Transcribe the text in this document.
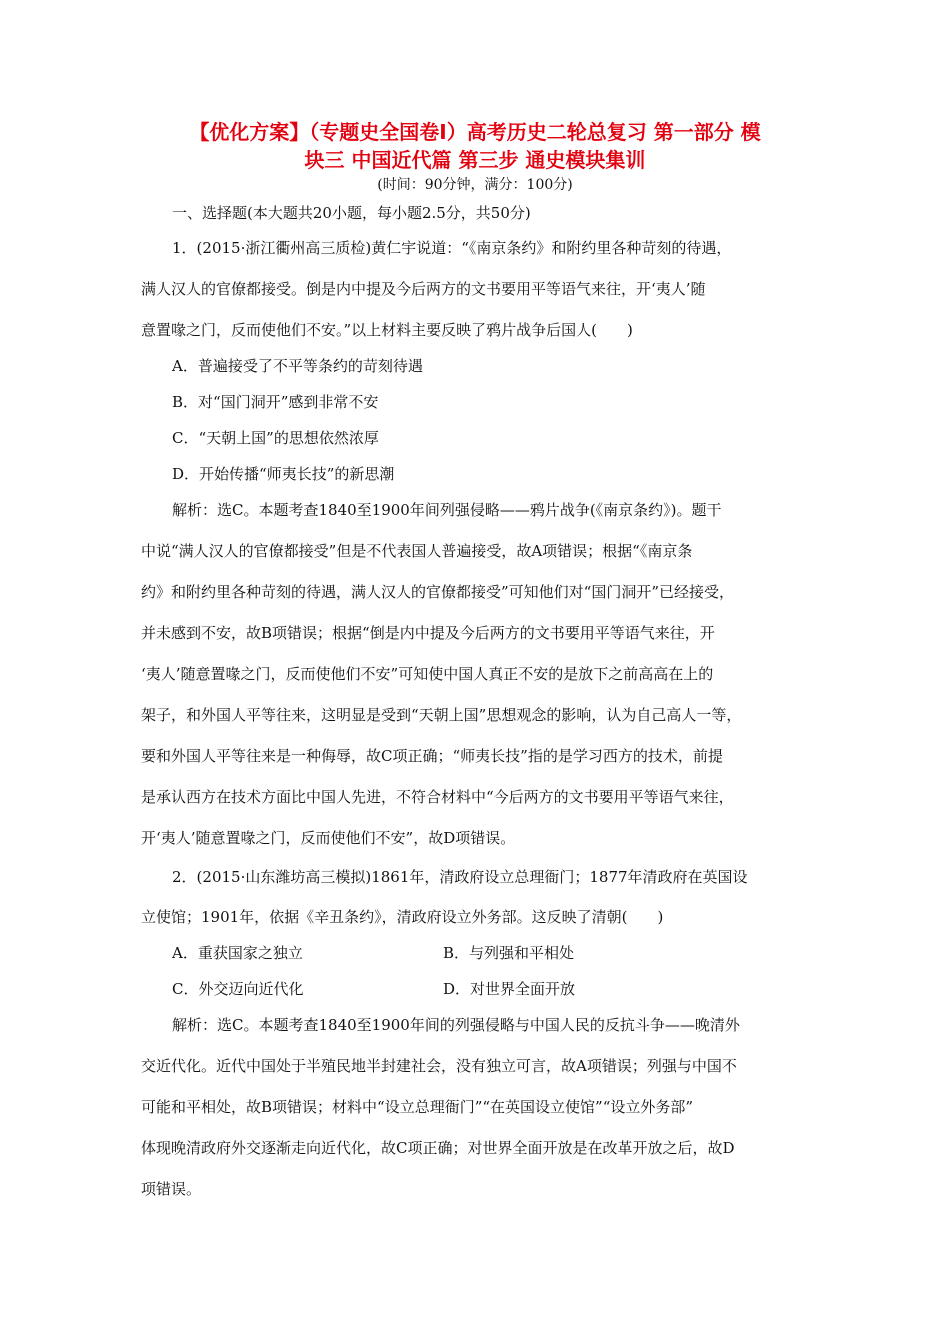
【优化方案】（专题史全国卷Ⅰ）高考历史二轮总复习 第一部分 模
块三 中国近代篇 第三步 通史模块集训
(时间：90分钟，满分：100分)
一、选择题(本大题共20小题，每小题2.5分，共50分)
1．(2015·浙江衢州高三质检)黄仁宇说道：“《南京条约》和附约里各种苛刻的待遇，
满人汉人的官僚都接受。倒是内中提及今后两方的文书要用平等语气来往，开‘夷人’随
意置喙之门，反而使他们不安。”以上材料主要反映了鸦片战争后国人(　　)
A．普遍接受了不平等条约的苛刻待遇
B．对“国门洞开”感到非常不安
C．“天朝上国”的思想依然浓厚
D．开始传播“师夷长技”的新思潮
解析：选C。本题考查1840至1900年间列强侵略——鸦片战争(《南京条约》)。题干
中说“满人汉人的官僚都接受”但是不代表国人普遍接受，故A项错误；根据“《南京条
约》和附约里各种苛刻的待遇，满人汉人的官僚都接受”可知他们对“国门洞开”已经接受，
并未感到不安，故B项错误；根据“倒是内中提及今后两方的文书要用平等语气来往，开
‘夷人’随意置喙之门，反而使他们不安”可知使中国人真正不安的是放下之前高高在上的
架子，和外国人平等往来，这明显是受到“天朝上国”思想观念的影响，认为自己高人一等，
要和外国人平等往来是一种侮辱，故C项正确；“师夷长技”指的是学习西方的技术，前提
是承认西方在技术方面比中国人先进，不符合材料中“今后两方的文书要用平等语气来往，
开‘夷人’随意置喙之门，反而使他们不安”，故D项错误。
2．(2015·山东潍坊高三模拟)1861年，清政府设立总理衙门；1877年清政府在英国设
立使馆；1901年，依据《辛丑条约》，清政府设立外务部。这反映了清朝(　　)
A．重获国家之独立	B．与列强和平相处
C．外交迈向近代化	D．对世界全面开放
解析：选C。本题考查1840至1900年间的列强侵略与中国人民的反抗斗争——晚清外
交近代化。近代中国处于半殖民地半封建社会，没有独立可言，故A项错误；列强与中国不
可能和平相处，故B项错误；材料中“设立总理衙门”“在英国设立使馆”“设立外务部”
体现晚清政府外交逐渐走向近代化，故C项正确；对世界全面开放是在改革开放之后，故D
项错误。
